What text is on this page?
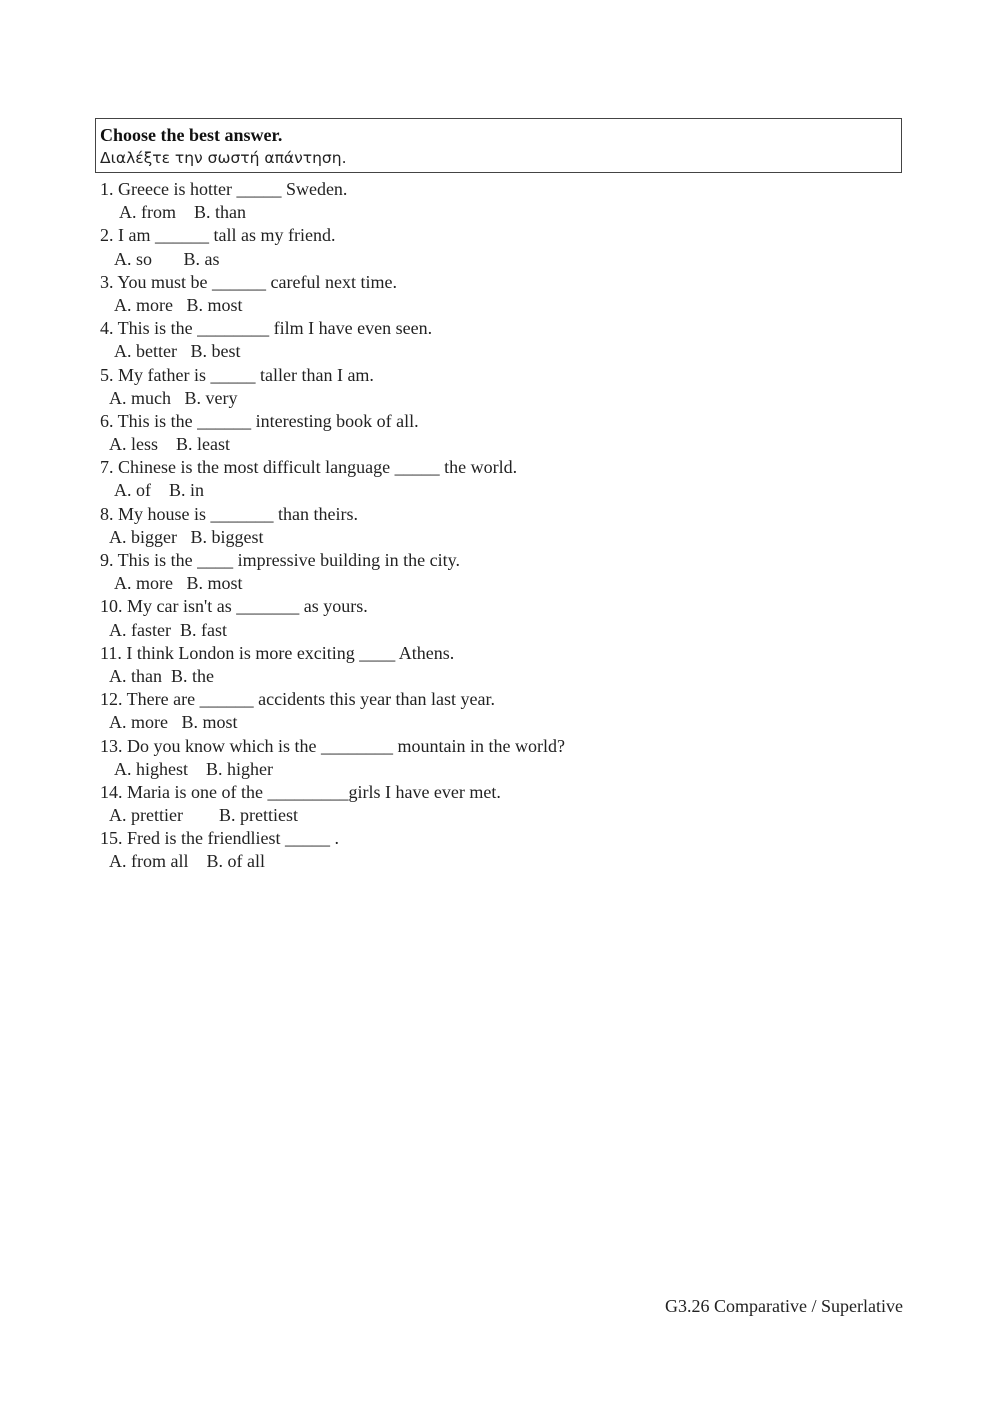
Choose the best answer.
Διαλέξτε την σωστή απάντηση.
1. Greece is hotter _____ Sweden.
A. from    B. than
2. I am ______ tall as my friend.
A. so       B. as
3. You must be ______ careful next time.
A. more   B. most
4. This is the ________ film I have even seen.
A. better   B. best
5. My father is _____ taller than I am.
A. much   B. very
6. This is the ______ interesting book of all.
A. less    B. least
7. Chinese is the most difficult language _____ the world.
A. of    B. in
8. My house is _______ than theirs.
A. bigger   B. biggest
9. This is the ____ impressive building in the city.
A. more   B. most
10. My car isn't as _______ as yours.
A. faster  B. fast
11. I think London is more exciting ____ Athens.
A. than  B. the
12. There are ______ accidents this year than last year.
A. more   B. most
13. Do you know which is the ________ mountain in the world?
A. highest    B. higher
14. Maria is one of the _________girls I have ever met.
A. prettier        B. prettiest
15. Fred is the friendliest _____ .
A. from all    B. of all
G3.26 Comparative / Superlative
